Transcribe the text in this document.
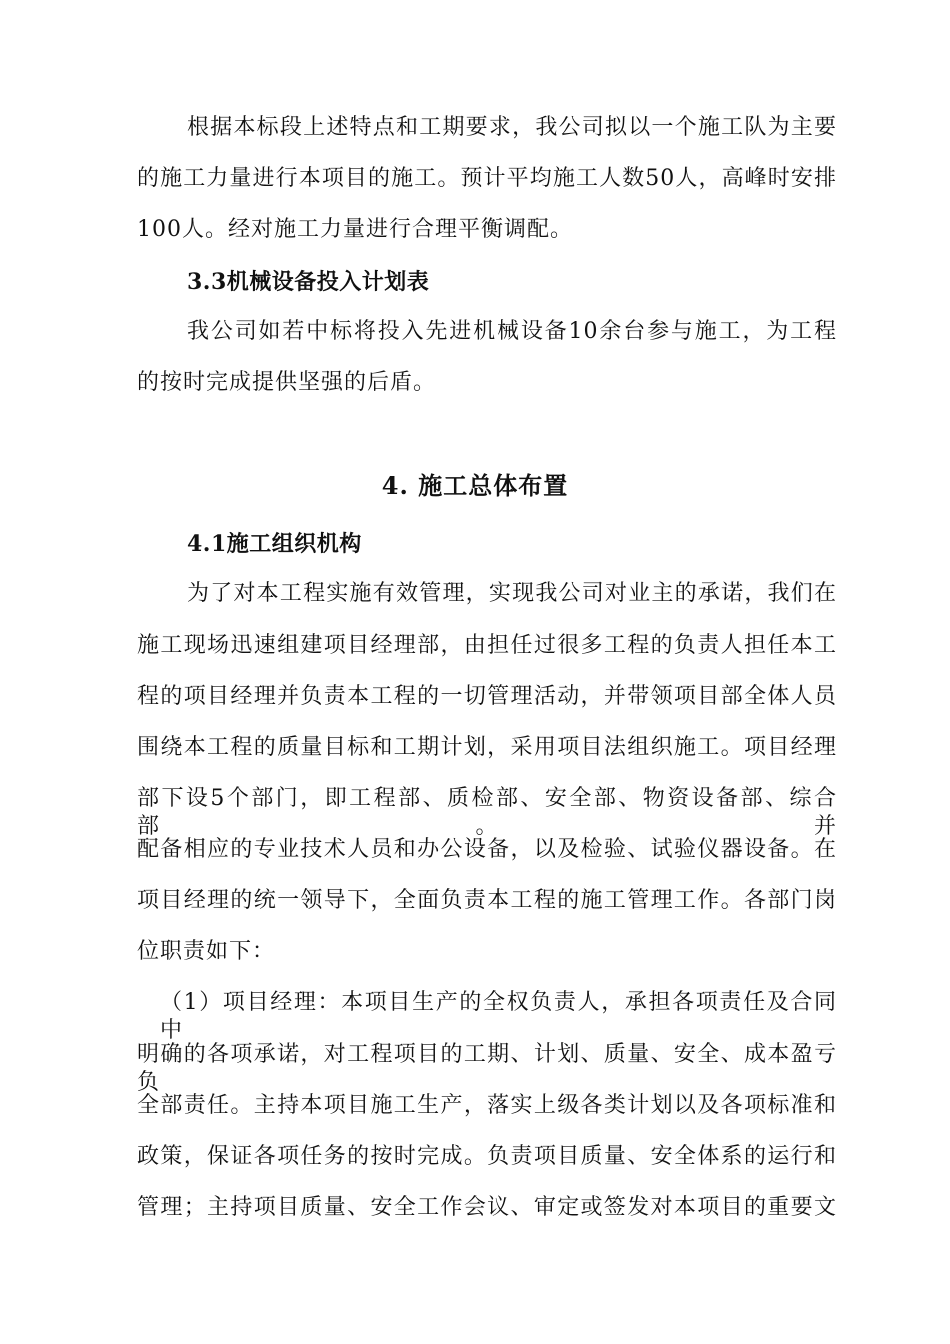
根据本标段上述特点和工期要求，我公司拟以一个施工队为主要
的施工力量进行本项目的施工。预计平均施工人数50人，高峰时安排
100人。经对施工力量进行合理平衡调配。
3.3机械设备投入计划表
我公司如若中标将投入先进机械设备10余台参与施工，为工程
的按时完成提供坚强的后盾。
4. 施工总体布置
4.1施工组织机构
为了对本工程实施有效管理，实现我公司对业主的承诺，我们在
施工现场迅速组建项目经理部，由担任过很多工程的负责人担任本工
程的项目经理并负责本工程的一切管理活动，并带领项目部全体人员
围绕本工程的质量目标和工期计划，采用项目法组织施工。项目经理
部下设5个部门，即工程部、质检部、安全部、物资设备部、综合部。并
配备相应的专业技术人员和办公设备，以及检验、试验仪器设备。在
项目经理的统一领导下，全面负责本工程的施工管理工作。各部门岗
位职责如下：
（1）项目经理：本项目生产的全权负责人，承担各项责任及合同中
明确的各项承诺，对工程项目的工期、计划、质量、安全、成本盈亏负
全部责任。主持本项目施工生产，落实上级各类计划以及各项标准和
政策，保证各项任务的按时完成。负责项目质量、安全体系的运行和
管理；主持项目质量、安全工作会议、审定或签发对本项目的重要文
